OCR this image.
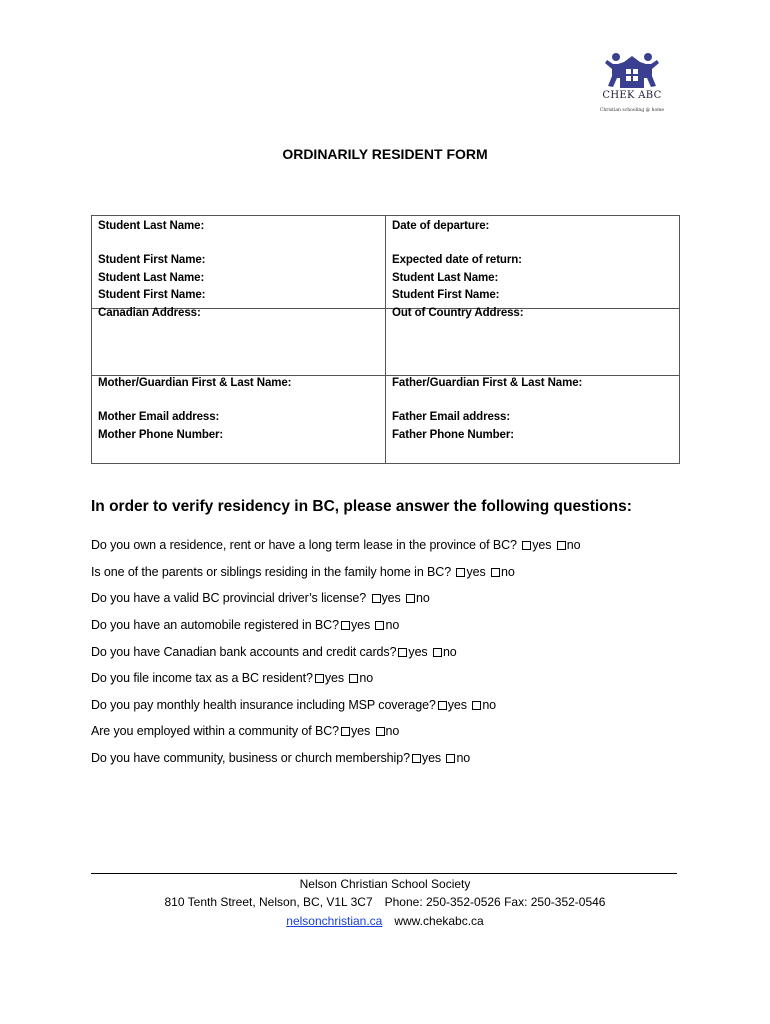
CHEK ABC
Christian schooling @ home
ORDINARILY RESIDENT FORM
Student Last Name:
Student First Name:
Student Last Name:
Student First Name:
Date of departure:
Expected date of return:
Student Last Name:
Student First Name:
Canadian Address:	Out of Country Address:
Mother/Guardian First & Last Name:
Mother Email address:
Mother Phone Number:
Father/Guardian First & Last Name:
Father Email address:
Father Phone Number:
In order to verify residency in BC, please answer the following questions:
Do you own a residence, rent or have a long term lease in the province of BC? yes no
Is one of the parents or siblings residing in the family home in BC? yes no
Do you have a valid BC provincial driver’s license? yes no
Do you have an automobile registered in BC? yes no
Do you have Canadian bank accounts and credit cards? yes no
Do you file income tax as a BC resident? yes no
Do you pay monthly health insurance including MSP coverage? yes no
Are you employed within a community of BC? yes no
Do you have community, business or church membership? yes no
Nelson Christian School Society
810 Tenth Street, Nelson, BC, V1L 3C7 Phone: 250-352-0526 Fax: 250-352-0546
nelsonchristian.ca www.chekabc.ca
